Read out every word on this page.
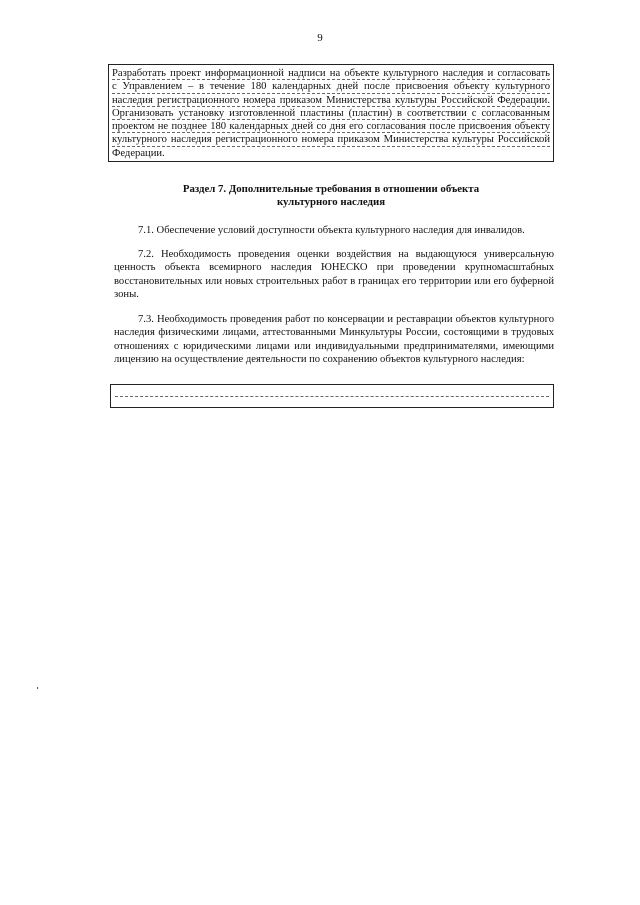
9
Разработать проект информационной надписи на объекте культурного наследия и согласовать
с Управлением – в течение 180 календарных дней после присвоения объекту культурного
наследия регистрационного номера приказом Министерства культуры Российской Федерации.
Организовать установку изготовленной пластины (пластин) в соответствии с согласованным
проектом не позднее 180 календарных дней со дня его согласования после присвоения объекту
культурного наследия регистрационного номера приказом Министерства культуры Российской
Федерации.
Раздел 7. Дополнительные требования в отношении объекта
культурного наследия
7.1. Обеспечение условий доступности объекта культурного наследия для инвалидов.
7.2. Необходимость проведения оценки воздействия на выдающуюся универсальную
ценность объекта всемирного наследия ЮНЕСКО при проведении крупномасштабных
восстановительных или новых строительных работ в границах его территории или его буферной
зоны.
7.3. Необходимость проведения работ по консервации и реставрации объектов культурного
наследия физическими лицами, аттестованными Минкультуры России, состоящими в трудовых
отношениях с юридическими лицами или индивидуальными предпринимателями, имеющими
лицензию на осуществление деятельности по сохранению объектов культурного наследия:
